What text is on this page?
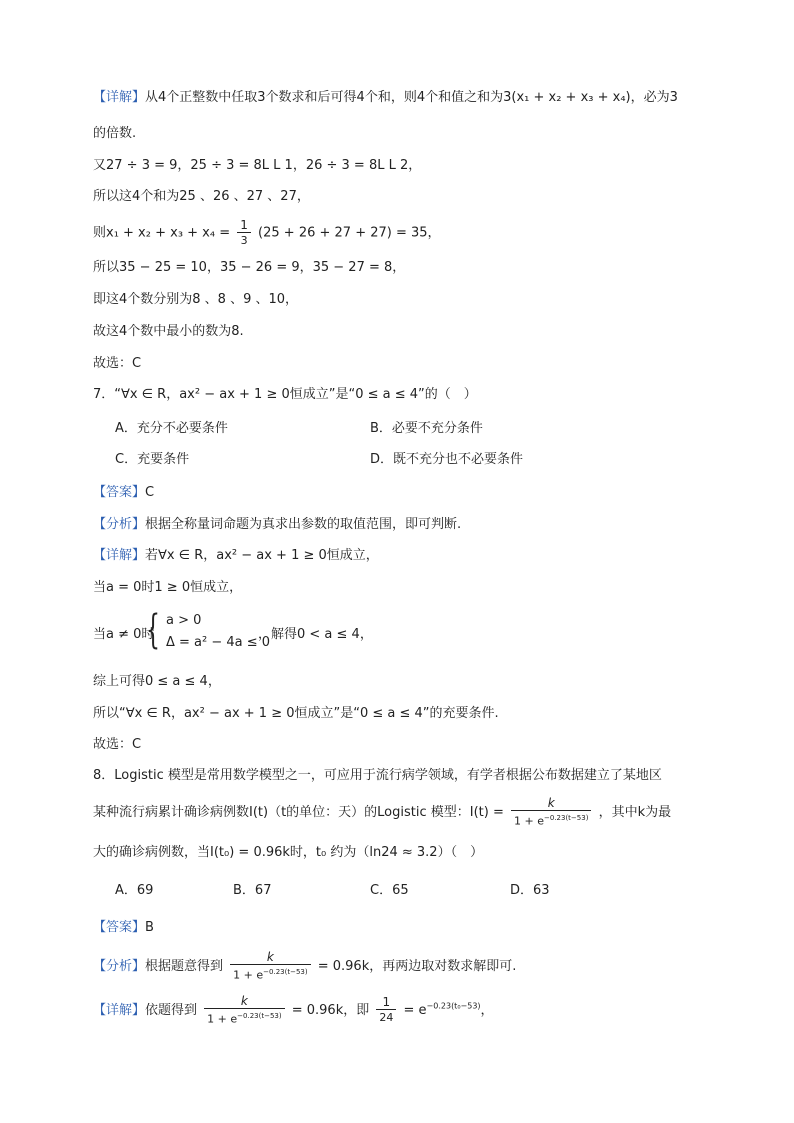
【详解】从4个正整数中任取3个数求和后可得4个和，则4个和值之和为3(x₁ + x₂ + x₃ + x₄)，必为3
的倍数.
又27 ÷ 3 = 9，25 ÷ 3 = 8L L 1，26 ÷ 3 = 8L L 2，
所以这4个和为25 、26 、27 、27，
则$x_1 + x_2 + x_3 + x_4 = \frac{1}{3} (25 + 26 + 27 + 27) = 35$，
所以35 − 25 = 10，35 − 26 = 9，35 − 27 = 8，
即这4个数分别为8 、8 、9 、10，
故这4个数中最小的数为8.
故选：C
7．“∀x ∈ R，ax² − ax + 1 ≥ 0恒成立”是“0 ≤ a ≤ 4”的（　）
A．充分不必要条件	B．必要不充分条件
C．充要条件	D．既不充分也不必要条件
【答案】C
【分析】根据全称量词命题为真求出参数的取值范围，即可判断.
【详解】若∀x ∈ R，ax² − ax + 1 ≥ 0恒成立，
当a = 0时1 ≥ 0恒成立，
当a ≠ 0时
{ a > 0
Δ = a² − 4a ≤ 0
，解得0 < a ≤ 4，
综上可得0 ≤ a ≤ 4，
所以“∀x ∈ R，ax² − ax + 1 ≥ 0恒成立”是“0 ≤ a ≤ 4”的充要条件.
故选：C
8．Logistic 模型是常用数学模型之一，可应用于流行病学领域，有学者根据公布数据建立了某地区
某种流行病累计确诊病例数I(t)（t的单位：天）的Logistic 模型：$I(t) = \frac{k}{1 + e^{-0.23(t-53)}}$ ，其中k为最
大的确诊病例数，当I(t₀) = 0.96k时，t₀ 约为（ln24 ≈ 3.2）（　）
A．69	B．67	C．65	D．63
【答案】B
【分析】根据题意得到 $\frac{k}{1 + e^{-0.23(t-53)}} = 0.96k$，再两边取对数求解即可.
【详解】依题得到 $\frac{k}{1 + e^{-0.23(t-53)}} = 0.96k$，即 $\frac{1}{24} = e^{-0.23(t_0-53)}$，
